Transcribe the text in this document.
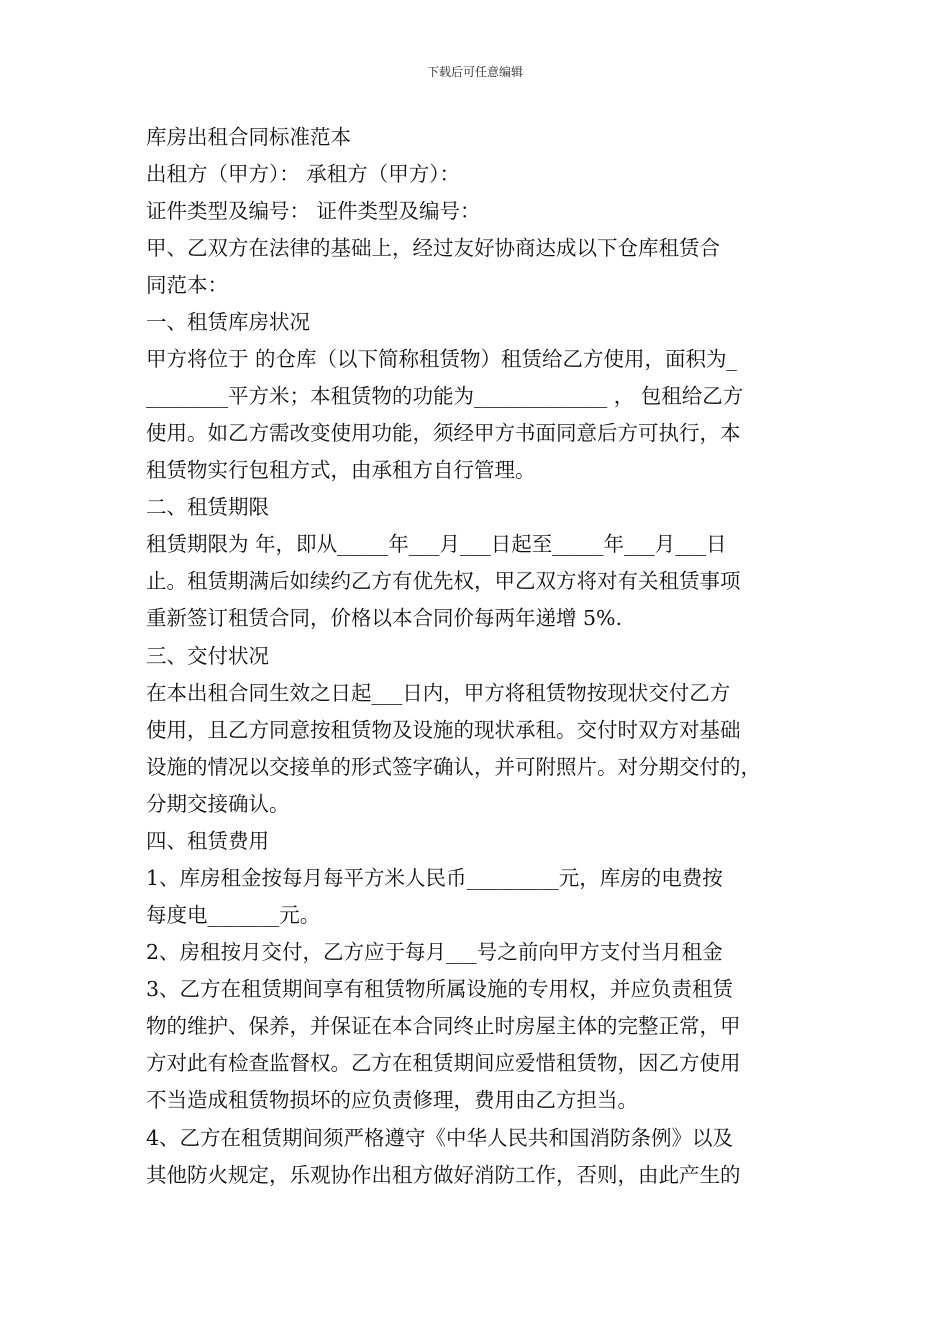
下载后可任意编辑
库房出租合同标准范本
出租方（甲方）： 承租方（甲方）：
证件类型及编号： 证件类型及编号：
甲、乙双方在法律的基础上，经过友好协商达成以下仓库租赁合
同范本：
一、租赁库房状况
甲方将位于 的仓库（以下简称租赁物）租赁给乙方使用，面积为_
________平方米；本租赁物的功能为_____________ ， 包租给乙方
使用。如乙方需改变使用功能，须经甲方书面同意后方可执行，本
租赁物实行包租方式，由承租方自行管理。
二、租赁期限
租赁期限为 年，即从_____年___月___日起至_____年___月___日
止。租赁期满后如续约乙方有优先权，甲乙双方将对有关租赁事项
重新签订租赁合同，价格以本合同价每两年递增 5%.
三、交付状况
在本出租合同生效之日起___日内，甲方将租赁物按现状交付乙方
使用，且乙方同意按租赁物及设施的现状承租。交付时双方对基础
设施的情况以交接单的形式签字确认，并可附照片。对分期交付的，
分期交接确认。
四、租赁费用
1、库房租金按每月每平方米人民币_________元，库房的电费按
每度电_______元。
2、房租按月交付，乙方应于每月___号之前向甲方支付当月租金
3、乙方在租赁期间享有租赁物所属设施的专用权，并应负责租赁
物的维护、保养，并保证在本合同终止时房屋主体的完整正常，甲
方对此有检查监督权。乙方在租赁期间应爱惜租赁物，因乙方使用
不当造成租赁物损坏的应负责修理，费用由乙方担当。
4、乙方在租赁期间须严格遵守《中华人民共和国消防条例》以及
其他防火规定，乐观协作出租方做好消防工作，否则，由此产生的
